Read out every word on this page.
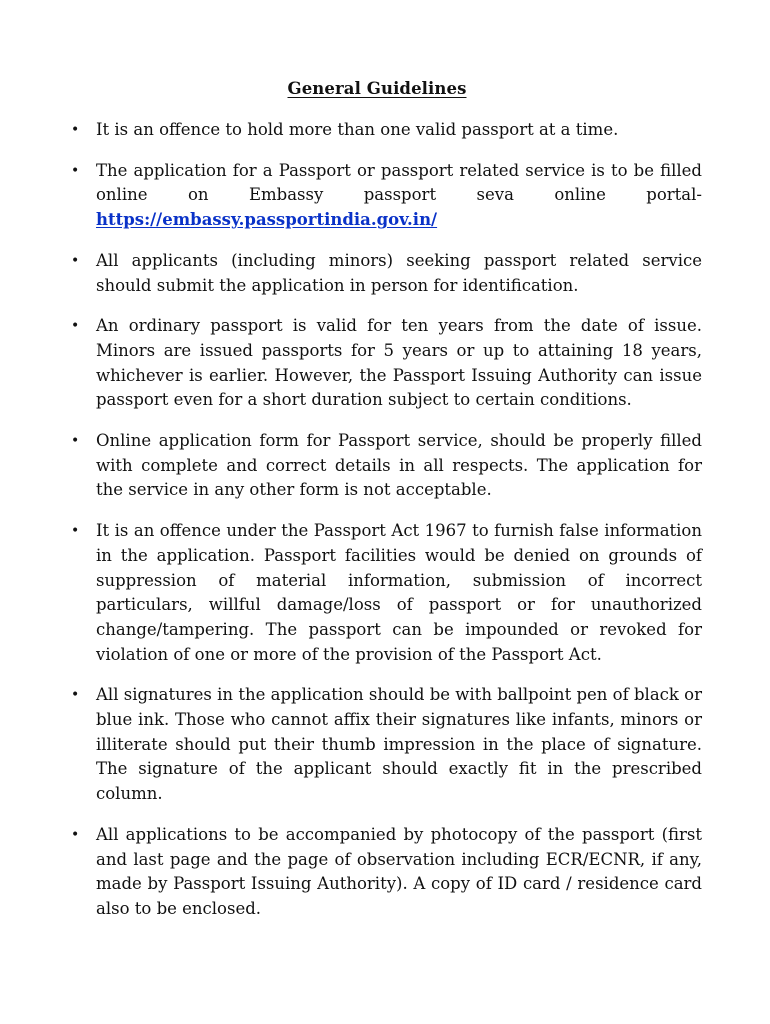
General Guidelines
• It is an offence to hold more than one valid passport at a time.
• The application for a Passport or passport related service is to be filled online on Embassy passport seva online portal-
https://embassy.passportindia.gov.in/
• All applicants (including minors) seeking passport related service should submit the application in person for identification.
• An ordinary passport is valid for ten years from the date of issue. Minors are issued passports for 5 years or up to attaining 18 years, whichever is earlier. However, the Passport Issuing Authority can issue passport even for a short duration subject to certain conditions.
• Online application form for Passport service, should be properly filled with complete and correct details in all respects. The application for the service in any other form is not acceptable.
• It is an offence under the Passport Act 1967 to furnish false information in the application. Passport facilities would be denied on grounds of suppression of material information, submission of incorrect particulars, willful damage/loss of passport or for unauthorized change/tampering. The passport can be impounded or revoked for violation of one or more of the provision of the Passport Act.
• All signatures in the application should be with ballpoint pen of black or blue ink. Those who cannot affix their signatures like infants, minors or illiterate should put their thumb impression in the place of signature. The signature of the applicant should exactly fit in the prescribed column.
• All applications to be accompanied by photocopy of the passport (first and last page and the page of observation including ECR/ECNR, if any, made by Passport Issuing Authority). A copy of ID card / residence card also to be enclosed.
